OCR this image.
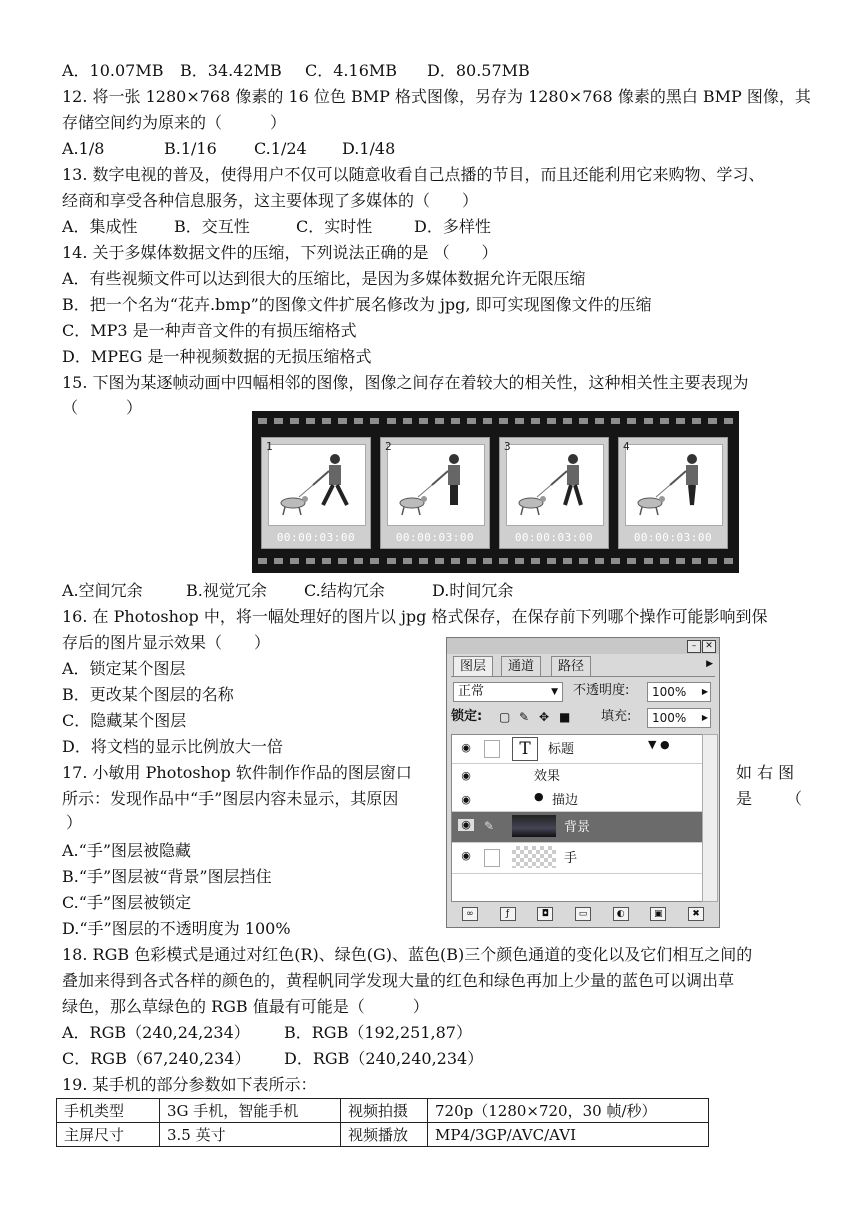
A．10.07MB B．34.42MB C．4.16MB D．80.57MB
12. 将一张 1280×768 像素的 16 位色 BMP 格式图像，另存为 1280×768 像素的黑白 BMP 图像，其
存储空间约为原来的（　　　）
A.1/8	B.1/16 C.1/24 D.1/48
13. 数字电视的普及，使得用户不仅可以随意收看自己点播的节目，而且还能利用它来购物、学习、
经商和享受各种信息服务，这主要体现了多媒体的（　　）
A．集成性 B．交互性	C．实时性	D．多样性
14. 关于多媒体数据文件的压缩，下列说法正确的是 （　　）
A．有些视频文件可以达到很大的压缩比，是因为多媒体数据允许无限压缩
B．把一个名为“花卉.bmp”的图像文件扩展名修改为 jpg, 即可实现图像文件的压缩
C．MP3 是一种声音文件的有损压缩格式
D．MPEG 是一种视频数据的无损压缩格式
15. 下图为某逐帧动画中四幅相邻的图像，图像之间存在着较大的相关性，这种相关性主要表现为
（　　　）
1
00:00:03:00
2
00:00:03:00
3
00:00:03:00
4
00:00:03:00
A.空间冗余	B.视觉冗余 C.结构冗余	D.时间冗余
16. 在 Photoshop 中，将一幅处理好的图片以 jpg 格式保存，在保存前下列哪个操作可能影响到保
存后的图片显示效果（　　）
A．锁定某个图层
B．更改某个图层的名称
C．隐藏某个图层
D．将文档的显示比例放大一倍
17. 小敏用 Photoshop 软件制作作品的图层窗口	如 右 图
所示：发现作品中“手”图层内容未显示，其原因	是 （
）
A.“手”图层被隐藏
B.“手”图层被“背景”图层挡住
C.“手”图层被锁定
D.“手”图层的不透明度为 100%
– ✕
图层	通道	路径	▶
正常	▼ 不透明度:	100% ▶
锁定: ▢ ✎ ✥ ■ 填充:	100% ▶
◉	T	标题	▼ ●
◉	效果
◉	● 描边
◉ ✎	背景
◉	手
∞	ƒ	◘	▭	◐	▣	✖
18. RGB 色彩模式是通过对红色(R)、绿色(G)、蓝色(B)三个颜色通道的变化以及它们相互之间的
叠加来得到各式各样的颜色的，黄程帆同学发现大量的红色和绿色再加上少量的蓝色可以调出草
绿色，那么草绿色的 RGB 值最有可能是（　　　）
A．RGB（240,24,234） B．RGB（192,251,87）
C．RGB（67,240,234） D．RGB（240,240,234）
19. 某手机的部分参数如下表所示：
手机类型	3G 手机，智能手机	视频拍摄	720p（1280×720，30 帧/秒）
主屏尺寸	3.5 英寸	视频播放	MP4/3GP/AVC/AVI
